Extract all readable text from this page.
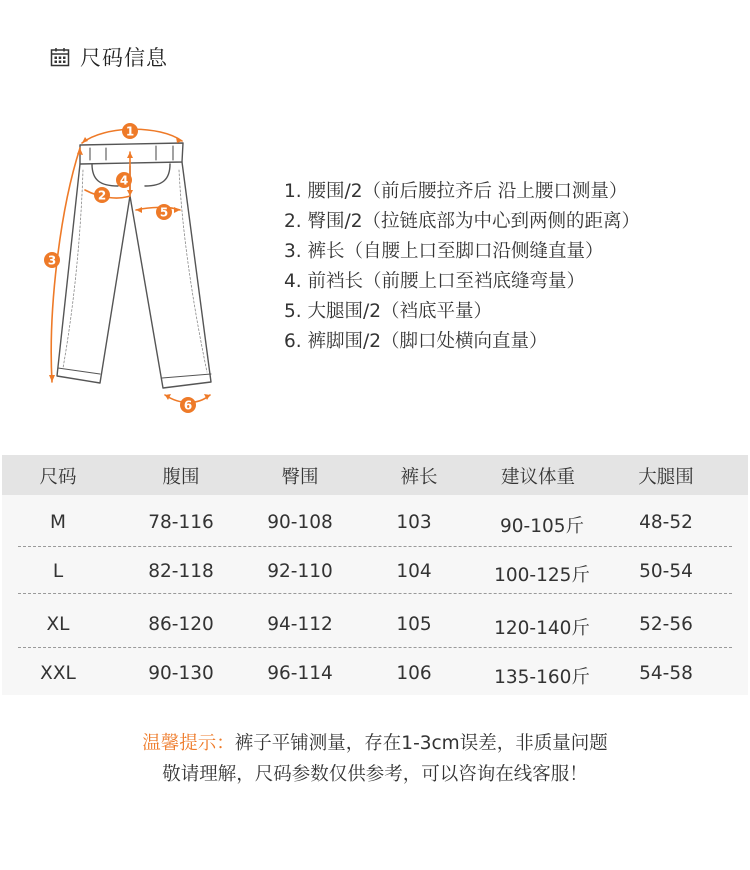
尺码信息
1
2
3
4
5
6
1. 腰围/2（前后腰拉齐后 沿上腰口测量）
2. 臀围/2（拉链底部为中心到两侧的距离）
3. 裤长（自腰上口至脚口沿侧缝直量）
4. 前裆长（前腰上口至裆底缝弯量）
5. 大腿围/2（裆底平量）
6. 裤脚围/2（脚口处横向直量）
尺码	腹围	臀围	裤长	建议体重	大腿围
M	78-116	90-108	103	90-105斤	48-52
L	82-118	92-110	104	100-125斤	50-54
XL	86-120	94-112	105	120-140斤	52-56
XXL	90-130	96-114	106	135-160斤	54-58
温馨提示：裤子平铺测量，存在1-3cm误差，非质量问题
敬请理解，尺码参数仅供参考，可以咨询在线客服！
